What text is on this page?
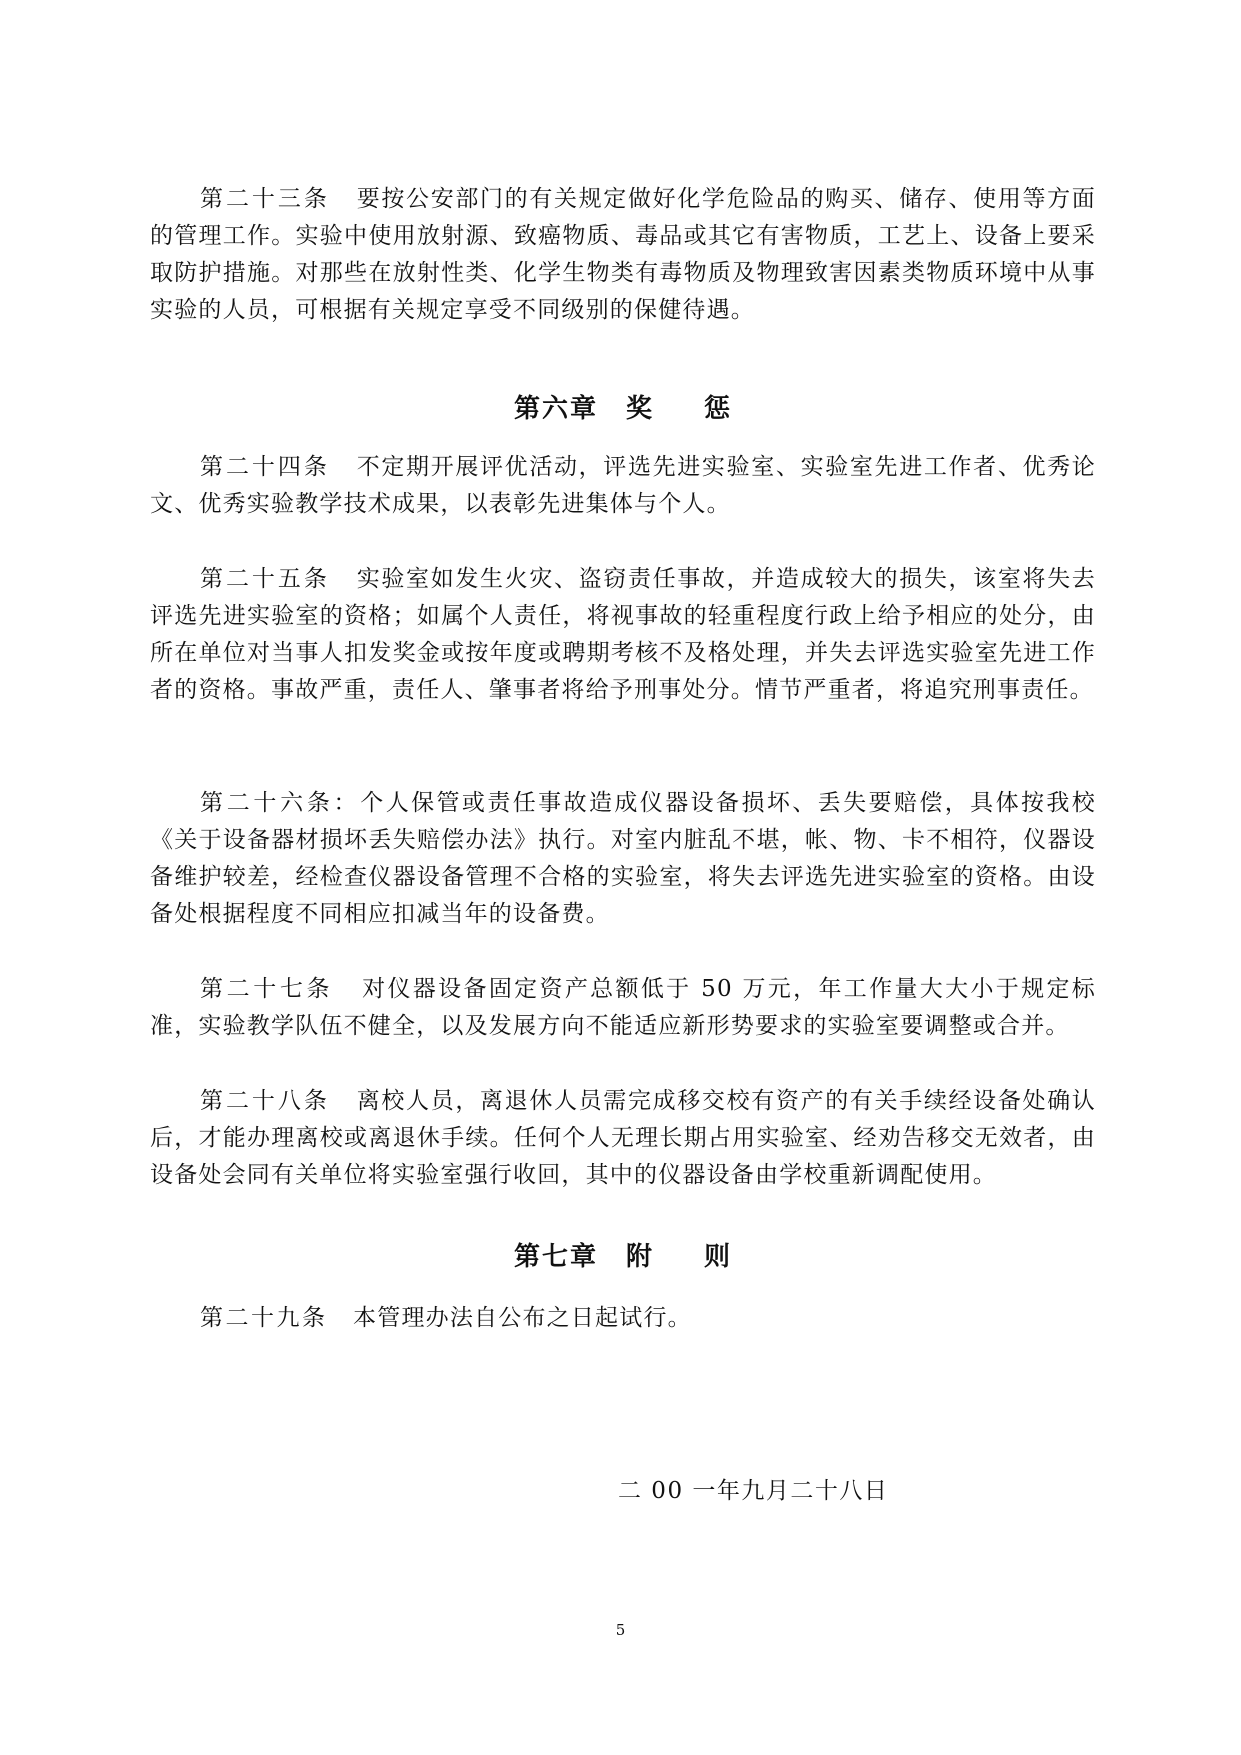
第二十三条 要按公安部门的有关规定做好化学危险品的购买、储存、使用等方面的管理工作。实验中使用放射源、致癌物质、毒品或其它有害物质，工艺上、设备上要采取防护措施。对那些在放射性类、化学生物类有毒物质及物理致害因素类物质环境中从事实验的人员，可根据有关规定享受不同级别的保健待遇。

第六章 奖 惩

第二十四条 不定期开展评优活动，评选先进实验室、实验室先进工作者、优秀论文、优秀实验教学技术成果，以表彰先进集体与个人。

第二十五条 实验室如发生火灾、盗窃责任事故，并造成较大的损失，该室将失去评选先进实验室的资格；如属个人责任，将视事故的轻重程度行政上给予相应的处分，由所在单位对当事人扣发奖金或按年度或聘期考核不及格处理，并失去评选实验室先进工作者的资格。事故严重，责任人、肇事者将给予刑事处分。情节严重者，将追究刑事责任。

第二十六条：个人保管或责任事故造成仪器设备损坏、丢失要赔偿，具体按我校《关于设备器材损坏丢失赔偿办法》执行。对室内脏乱不堪，帐、物、卡不相符，仪器设备维护较差，经检查仪器设备管理不合格的实验室，将失去评选先进实验室的资格。由设备处根据程度不同相应扣减当年的设备费。

第二十七条 对仪器设备固定资产总额低于 50 万元，年工作量大大小于规定标准，实验教学队伍不健全，以及发展方向不能适应新形势要求的实验室要调整或合并。

第二十八条 离校人员，离退休人员需完成移交校有资产的有关手续经设备处确认后，才能办理离校或离退休手续。任何个人无理长期占用实验室、经劝告移交无效者，由设备处会同有关单位将实验室强行收回，其中的仪器设备由学校重新调配使用。

第七章 附 则

第二十九条 本管理办法自公布之日起试行。

二 00 一年九月二十八日

5
